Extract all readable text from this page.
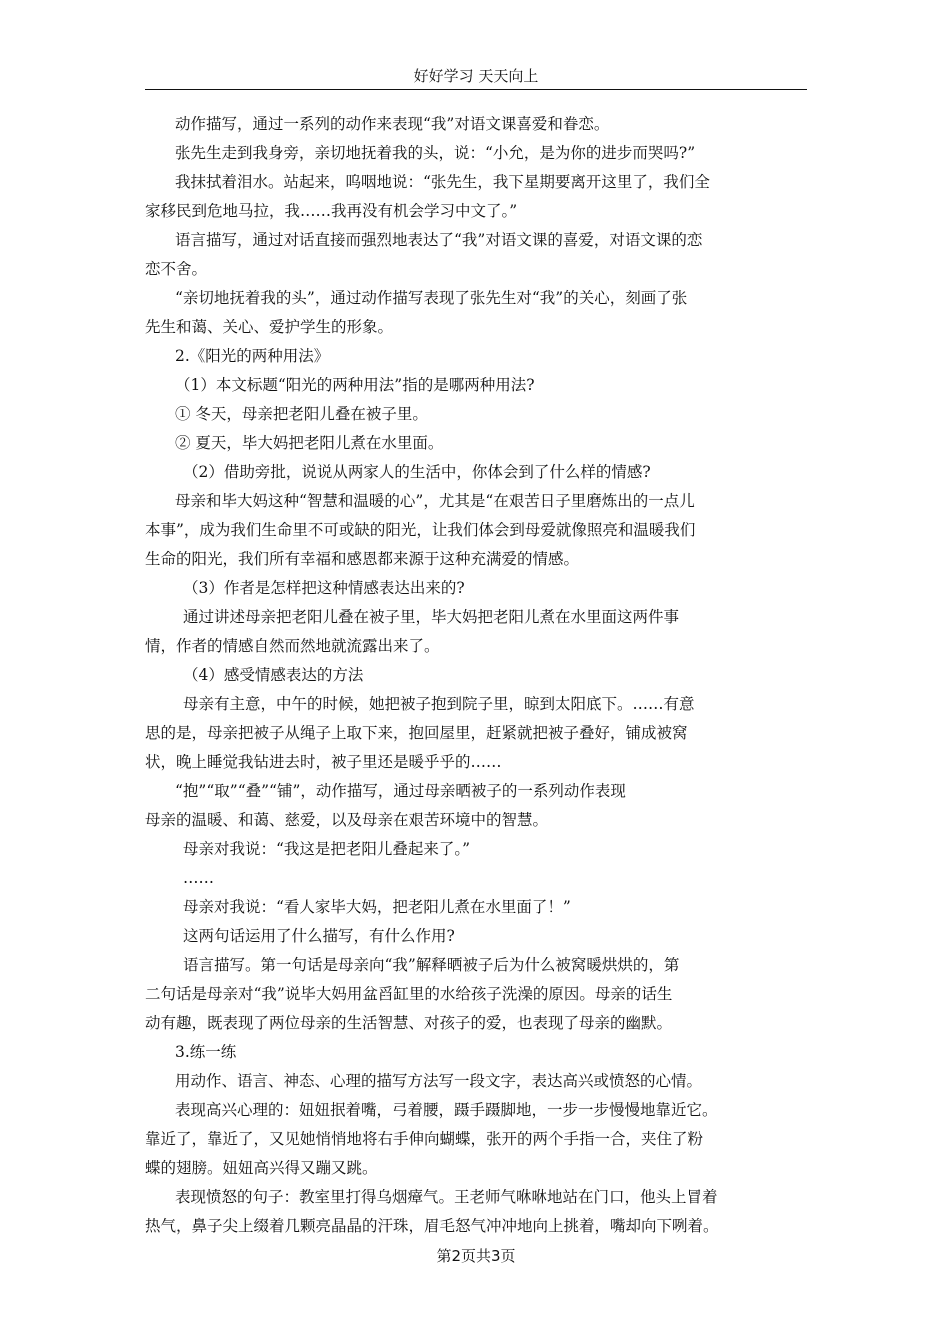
好好学习 天天向上
动作描写，通过一系列的动作来表现“我”对语文课喜爱和眷恋。
张先生走到我身旁，亲切地抚着我的头，说：“小允，是为你的进步而哭吗?”
我抹拭着泪水。站起来，呜咽地说：“张先生，我下星期要离开这里了，我们全
家移民到危地马拉，我……我再没有机会学习中文了。”
语言描写，通过对话直接而强烈地表达了“我”对语文课的喜爱，对语文课的恋
恋不舍。
“亲切地抚着我的头”，通过动作描写表现了张先生对“我”的关心，刻画了张
先生和蔼、关心、爱护学生的形象。
2.《阳光的两种用法》
（1）本文标题“阳光的两种用法”指的是哪两种用法?
① 冬天，母亲把老阳儿叠在被子里。
② 夏天，毕大妈把老阳儿煮在水里面。
（2）借助旁批，说说从两家人的生活中，你体会到了什么样的情感?
母亲和毕大妈这种“智慧和温暖的心”，尤其是“在艰苦日子里磨炼出的一点儿
本事”，成为我们生命里不可或缺的阳光，让我们体会到母爱就像照亮和温暖我们
生命的阳光，我们所有幸福和感恩都来源于这种充满爱的情感。
（3）作者是怎样把这种情感表达出来的?
通过讲述母亲把老阳儿叠在被子里，毕大妈把老阳儿煮在水里面这两件事
情，作者的情感自然而然地就流露出来了。
（4）感受情感表达的方法
母亲有主意，中午的时候，她把被子抱到院子里，晾到太阳底下。……有意
思的是，母亲把被子从绳子上取下来，抱回屋里，赶紧就把被子叠好，铺成被窝
状，晚上睡觉我钻进去时，被子里还是暖乎乎的……
“抱”“取”“叠”“铺”，动作描写，通过母亲晒被子的一系列动作表现
母亲的温暖、和蔼、慈爱，以及母亲在艰苦环境中的智慧。
母亲对我说：“我这是把老阳儿叠起来了。”
……
母亲对我说：“看人家毕大妈，把老阳儿煮在水里面了！”
这两句话运用了什么描写，有什么作用?
语言描写。第一句话是母亲向“我”解释晒被子后为什么被窝暖烘烘的，第
二句话是母亲对“我”说毕大妈用盆舀缸里的水给孩子洗澡的原因。母亲的话生
动有趣，既表现了两位母亲的生活智慧、对孩子的爱，也表现了母亲的幽默。
3.练一练
用动作、语言、神态、心理的描写方法写一段文字，表达高兴或愤怒的心情。
表现高兴心理的：妞妞抿着嘴，弓着腰，蹑手蹑脚地，一步一步慢慢地靠近它。
靠近了，靠近了，又见她悄悄地将右手伸向蝴蝶，张开的两个手指一合，夹住了粉
蝶的翅膀。妞妞高兴得又蹦又跳。
表现愤怒的句子：教室里打得乌烟瘴气。王老师气咻咻地站在门口，他头上冒着
热气，鼻子尖上缀着几颗亮晶晶的汗珠，眉毛怒气冲冲地向上挑着，嘴却向下咧着。
第2页共3页
